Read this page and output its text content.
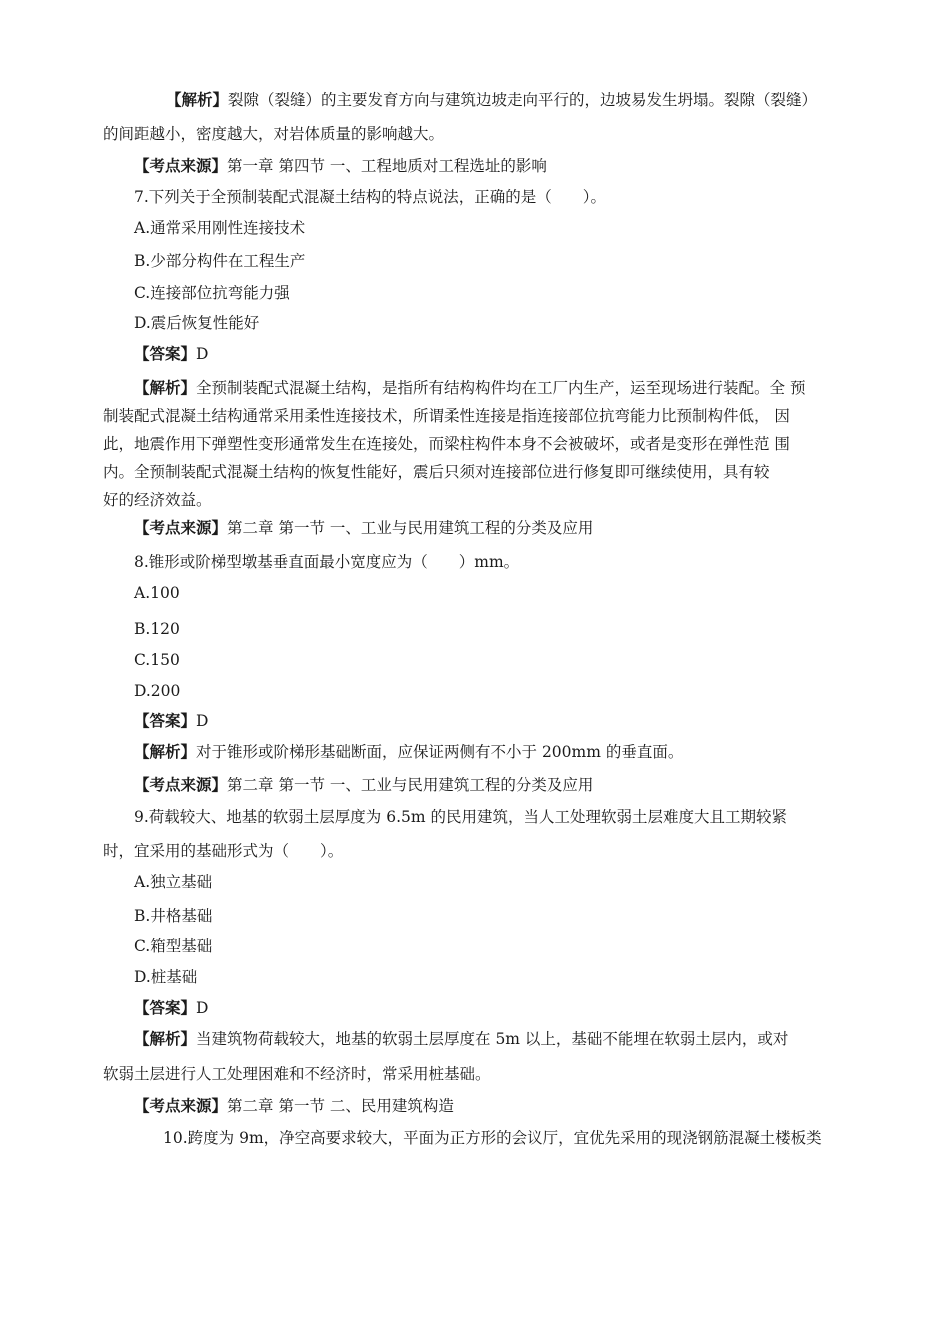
【解析】裂隙（裂缝）的主要发育方向与建筑边坡走向平行的，边坡易发生坍塌。裂隙（裂缝）
的间距越小，密度越大，对岩体质量的影响越大。
【考点来源】第一章 第四节 一、工程地质对工程选址的影响
7.下列关于全预制装配式混凝土结构的特点说法，正确的是（　　）。
A.通常采用刚性连接技术
B.少部分构件在工程生产
C.连接部位抗弯能力强
D.震后恢复性能好
【答案】D
【解析】全预制装配式混凝土结构，是指所有结构构件均在工厂内生产，运至现场进行装配。全 预
制装配式混凝土结构通常采用柔性连接技术，所谓柔性连接是指连接部位抗弯能力比预制构件低， 因
此，地震作用下弹塑性变形通常发生在连接处，而梁柱构件本身不会被破坏，或者是变形在弹性范 围
内。全预制装配式混凝土结构的恢复性能好，震后只须对连接部位进行修复即可继续使用，具有较
好的经济效益。
【考点来源】第二章 第一节 一、工业与民用建筑工程的分类及应用
8.锥形或阶梯型墩基垂直面最小宽度应为（　　）mm。
A.100
B.120
C.150
D.200
【答案】D
【解析】对于锥形或阶梯形基础断面，应保证两侧有不小于 200mm 的垂直面。
【考点来源】第二章 第一节 一、工业与民用建筑工程的分类及应用
9.荷载较大、地基的软弱土层厚度为 6.5m 的民用建筑，当人工处理软弱土层难度大且工期较紧
时，宜采用的基础形式为（　　）。
A.独立基础
B.井格基础
C.箱型基础
D.桩基础
【答案】D
【解析】当建筑物荷载较大，地基的软弱土层厚度在 5m 以上，基础不能埋在软弱土层内，或对
软弱土层进行人工处理困难和不经济时，常采用桩基础。
【考点来源】第二章 第一节 二、民用建筑构造
10.跨度为 9m，净空高要求较大，平面为正方形的会议厅，宜优先采用的现浇钢筋混凝土楼板类
